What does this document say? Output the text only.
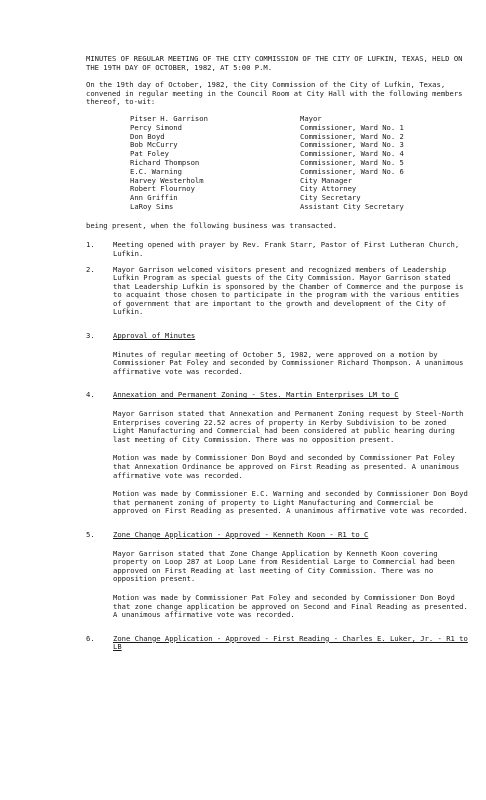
MINUTES OF REGULAR MEETING OF THE CITY COMMISSION OF THE CITY OF LUFKIN, TEXAS, HELD ON THE 19TH DAY OF OCTOBER, 1982, AT 5:00 P.M.

On the 19th day of October, 1982, the City Commission of the City of Lufkin, Texas, convened in regular meeting in the Council Room at City Hall with the following members thereof, to-wit:

Pitser H. Garrison	Mayor
Percy Simond	Commissioner, Ward No. 1
Don Boyd	Commissioner, Ward No. 2
Bob McCurry	Commissioner, Ward No. 3
Pat Foley	Commissioner, Ward No. 4
Richard Thompson	Commissioner, Ward No. 5
E.C. Warning	Commissioner, Ward No. 6
Harvey Westerholm	City Manager
Robert Flournoy	City Attorney
Ann Griffin	City Secretary
LaRoy Sims	Assistant City Secretary

being present, when the following business was transacted.

1.	Meeting opened with prayer by Rev. Frank Starr, Pastor of First Lutheran Church, Lufkin.

2.	Mayor Garrison welcomed visitors present and recognized members of Leadership Lufkin Program as special guests of the City Commission. Mayor Garrison stated that Leadership Lufkin is sponsored by the Chamber of Commerce and the purpose is to acquaint those chosen to participate in the program with the various entities of government that are important to the growth and development of the City of Lufkin.

3.	Approval of Minutes

Minutes of regular meeting of October 5, 1982, were approved on a motion by Commissioner Pat Foley and seconded by Commissioner Richard Thompson. A unanimous affirmative vote was recorded.

4.	Annexation and Permanent Zoning - Stes. Martin Enterprises LM to C

Mayor Garrison stated that Annexation and Permanent Zoning request by Steel-North Enterprises covering 22.52 acres of property in Kerby Subdivision to be zoned Light Manufacturing and Commercial had been considered at public hearing during last meeting of City Commission. There was no opposition present.

Motion was made by Commissioner Don Boyd and seconded by Commissioner Pat Foley that Annexation Ordinance be approved on First Reading as presented. A unanimous affirmative vote was recorded.

Motion was made by Commissioner E.C. Warning and seconded by Commissioner Don Boyd that permanent zoning of property to Light Manufacturing and Commercial be approved on First Reading as presented. A unanimous affirmative vote was recorded.

5.	Zone Change Application - Approved - Kenneth Koon - R1 to C

Mayor Garrison stated that Zone Change Application by Kenneth Koon covering property on Loop 287 at Loop Lane from Residential Large to Commercial had been approved on First Reading at last meeting of City Commission. There was no opposition present.

Motion was made by Commissioner Pat Foley and seconded by Commissioner Don Boyd that zone change application be approved on Second and Final Reading as presented. A unanimous affirmative vote was recorded.

6.	Zone Change Application - Approved - First Reading - Charles E. Luker, Jr. - R1 to LB
